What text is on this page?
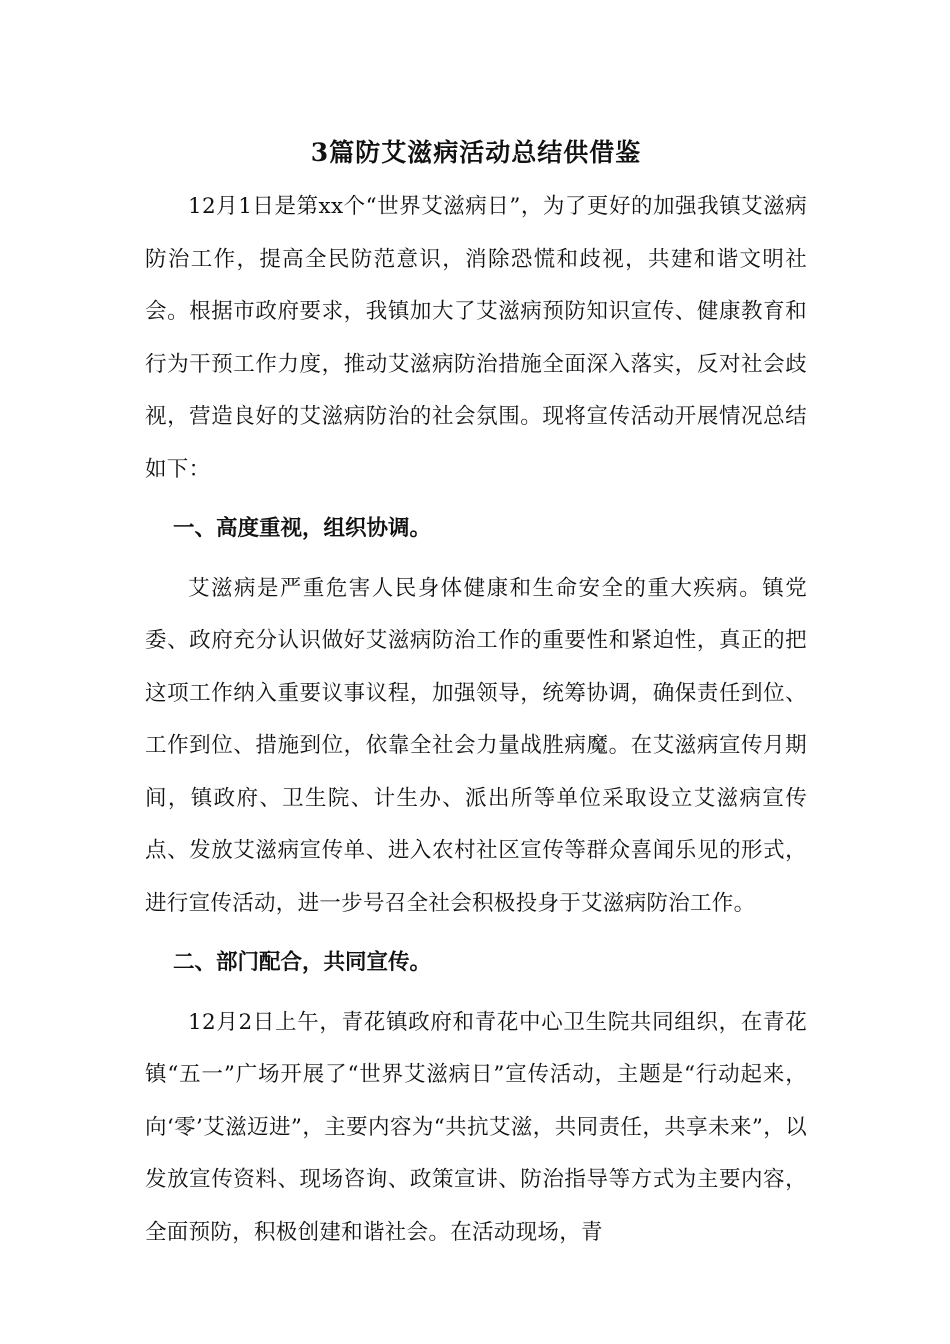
3篇防艾滋病活动总结供借鉴

12月1日是第xx个“世界艾滋病日”，为了更好的加强我镇艾滋病防治工作，提高全民防范意识，消除恐慌和歧视，共建和谐文明社会。根据市政府要求，我镇加大了艾滋病预防知识宣传、健康教育和行为干预工作力度，推动艾滋病防治措施全面深入落实，反对社会歧视，营造良好的艾滋病防治的社会氛围。现将宣传活动开展情况总结如下：

一、高度重视，组织协调。

艾滋病是严重危害人民身体健康和生命安全的重大疾病。镇党委、政府充分认识做好艾滋病防治工作的重要性和紧迫性，真正的把这项工作纳入重要议事议程，加强领导，统筹协调，确保责任到位、工作到位、措施到位，依靠全社会力量战胜病魔。在艾滋病宣传月期间，镇政府、卫生院、计生办、派出所等单位采取设立艾滋病宣传点、发放艾滋病宣传单、进入农村社区宣传等群众喜闻乐见的形式，进行宣传活动，进一步号召全社会积极投身于艾滋病防治工作。

二、部门配合，共同宣传。

12月2日上午，青花镇政府和青花中心卫生院共同组织，在青花镇“五一”广场开展了“世界艾滋病日”宣传活动，主题是“行动起来，向‘零’艾滋迈进”，主要内容为“共抗艾滋，共同责任，共享未来”，以发放宣传资料、现场咨询、政策宣讲、防治指导等方式为主要内容，全面预防，积极创建和谐社会。在活动现场，青
